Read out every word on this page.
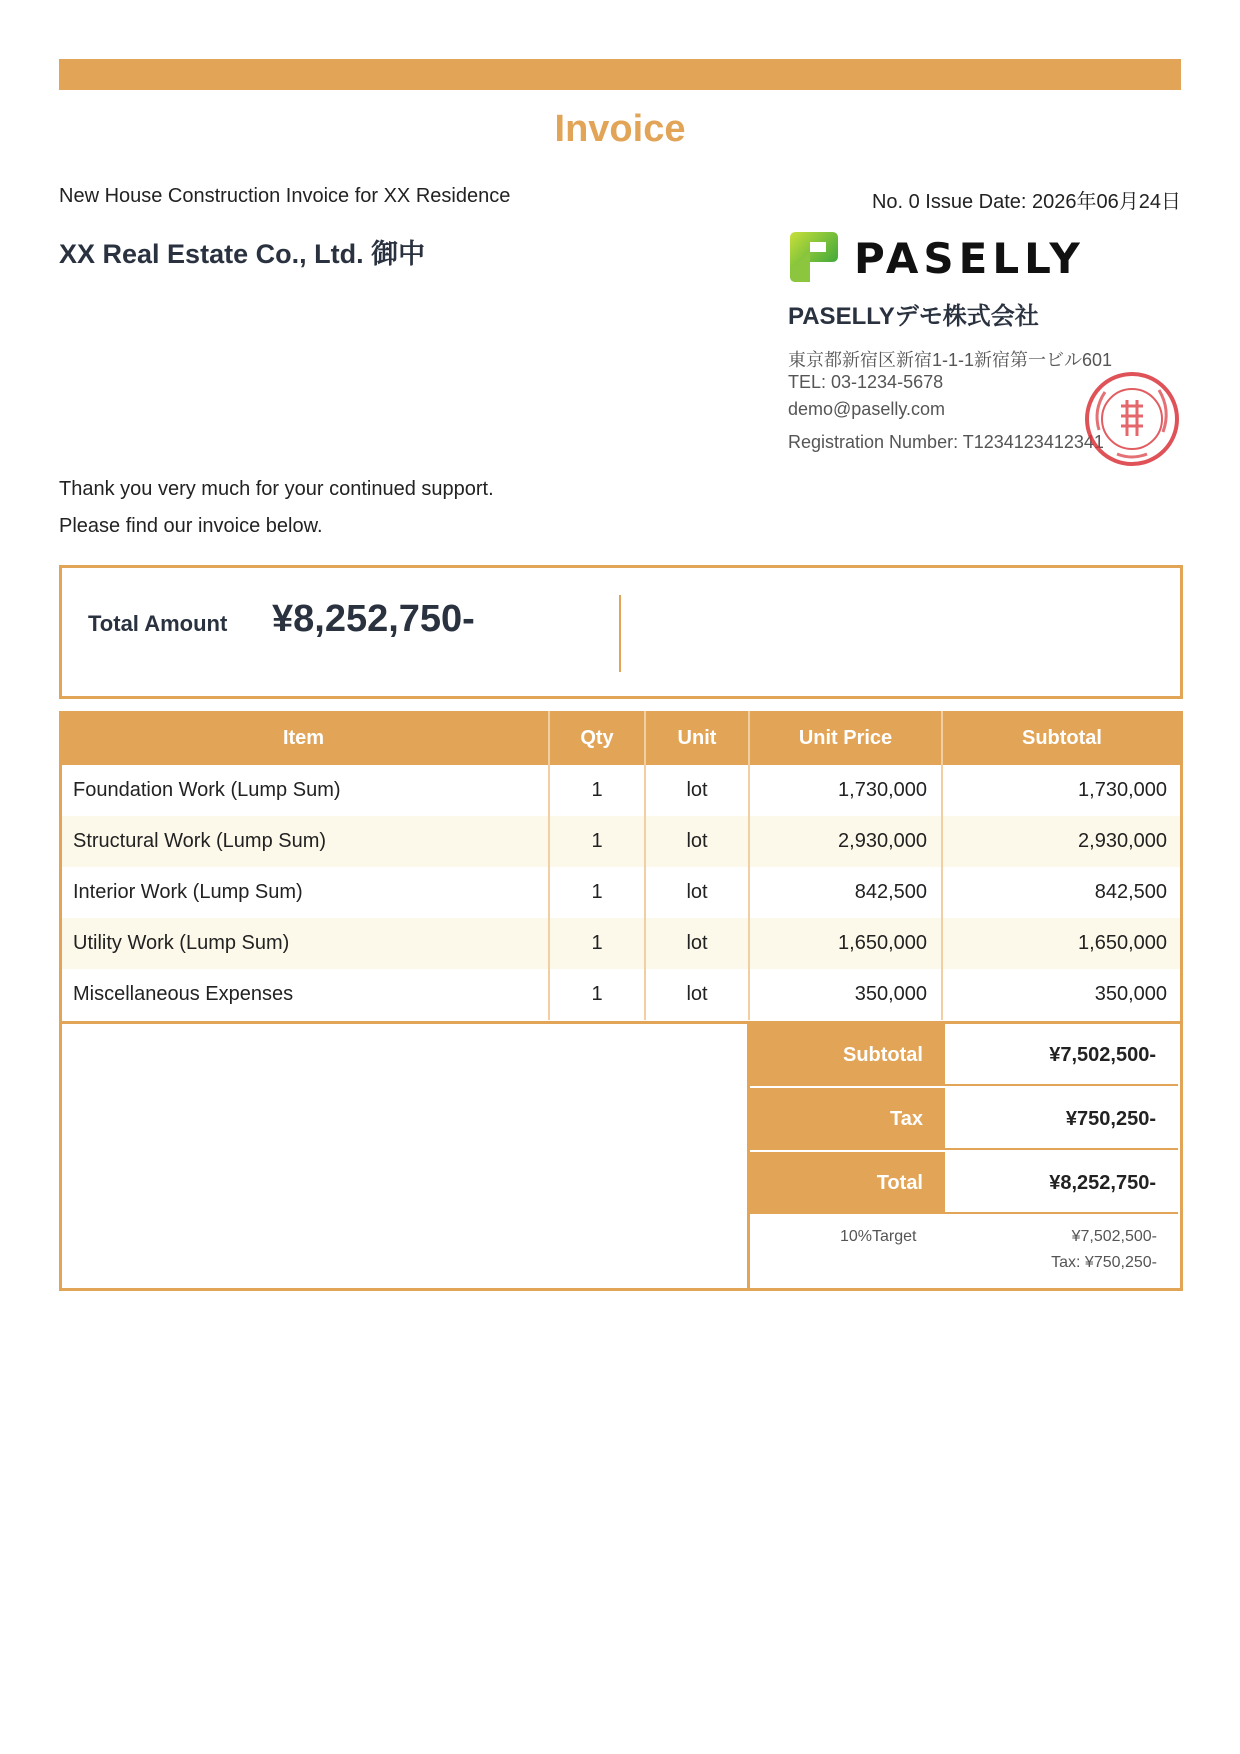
Invoice
New House Construction Invoice for XX Residence	No. 0 Issue Date: 2026年06月24日
XX Real Estate Co., Ltd. 御中	PASELLY
PASELLYデモ株式会社
東京都新宿区新宿1-1-1新宿第一ビル601
TEL: 03-1234-5678
demo@paselly.com
Registration Number: T1234123412341
Thank you very much for your continued support.
Please find our invoice below.
Total Amount ¥8,252,750-
Item	Qty	Unit	Unit Price	Subtotal
Foundation Work (Lump Sum)	1	lot	1,730,000	1,730,000
Structural Work (Lump Sum)	1	lot	2,930,000	2,930,000
Interior Work (Lump Sum)	1	lot	842,500	842,500
Utility Work (Lump Sum)	1	lot	1,650,000	1,650,000
Miscellaneous Expenses	1	lot	350,000	350,000
Subtotal	¥7,502,500-
Tax	¥750,250-
Total	¥8,252,750-
10%Target	¥7,502,500-
Tax: ¥750,250-
